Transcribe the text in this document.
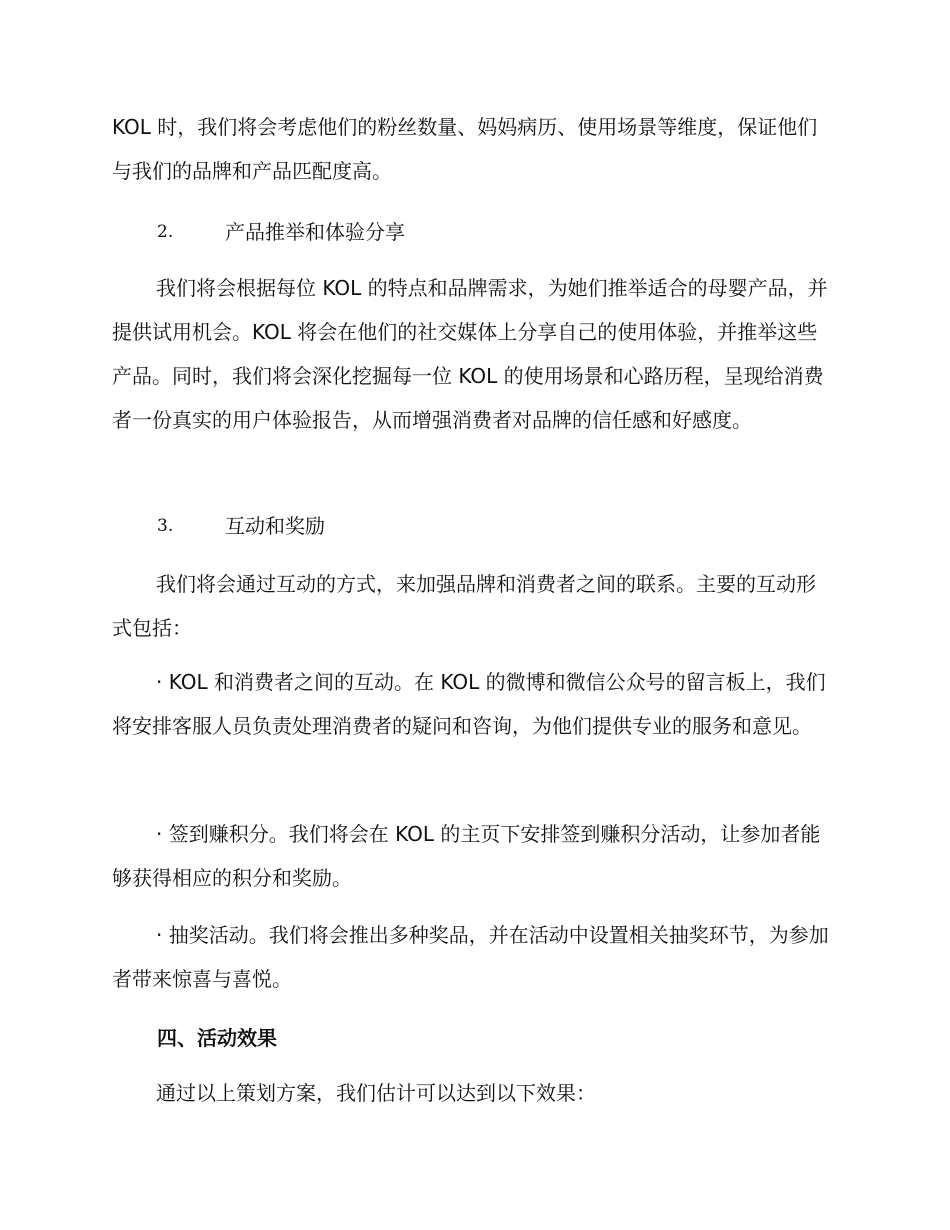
KOL 时，我们将会考虑他们的粉丝数量、妈妈病历、使用场景等维度，保证他们与我们的品牌和产品匹配度高。

2.	产品推举和体验分享

我们将会根据每位 KOL 的特点和品牌需求，为她们推举适合的母婴产品，并提供试用机会。KOL 将会在他们的社交媒体上分享自己的使用体验，并推举这些产品。同时，我们将会深化挖掘每一位 KOL 的使用场景和心路历程，呈现给消费者一份真实的用户体验报告，从而增强消费者对品牌的信任感和好感度。

3.	互动和奖励

我们将会通过互动的方式，来加强品牌和消费者之间的联系。主要的互动形式包括：

· KOL 和消费者之间的互动。在 KOL 的微博和微信公众号的留言板上，我们将安排客服人员负责处理消费者的疑问和咨询，为他们提供专业的服务和意见。

· 签到赚积分。我们将会在 KOL 的主页下安排签到赚积分活动，让参加者能够获得相应的积分和奖励。

· 抽奖活动。我们将会推出多种奖品，并在活动中设置相关抽奖环节，为参加者带来惊喜与喜悦。

四、活动效果

通过以上策划方案，我们估计可以达到以下效果：
